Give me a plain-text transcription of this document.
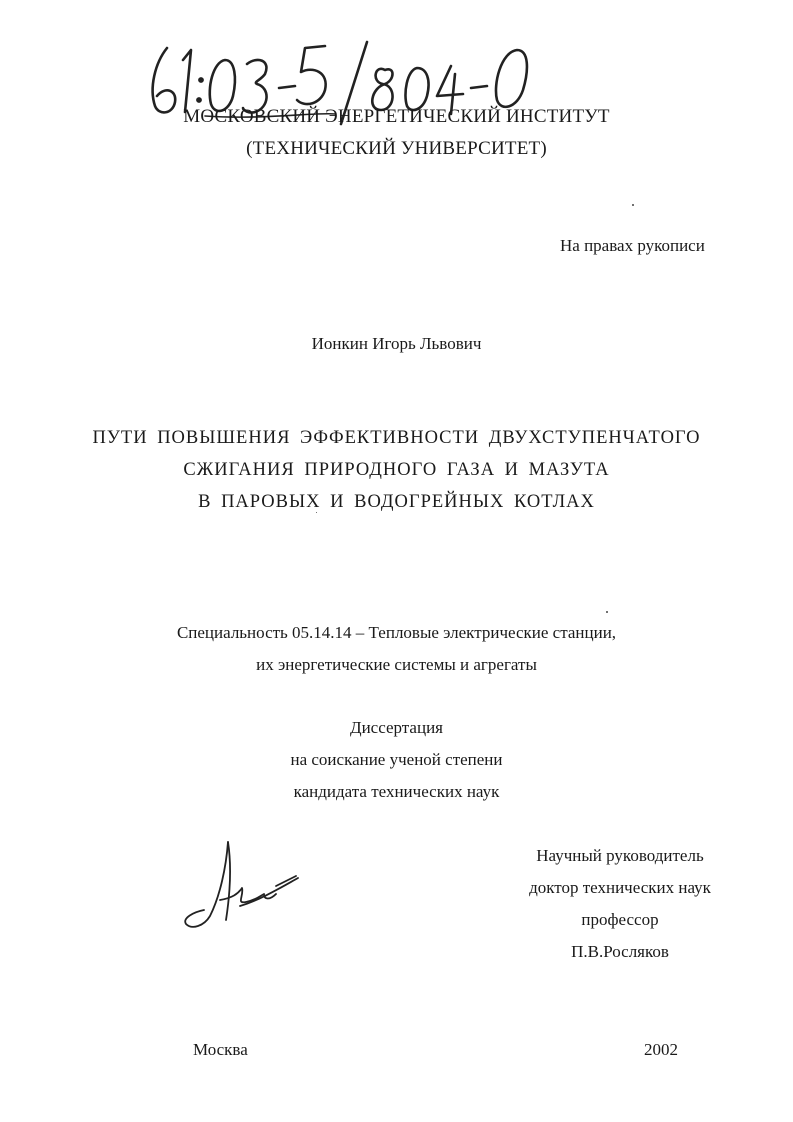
61: 03-5/804-0
МОСКОВСКИЙ ЭНЕРГЕТИЧЕСКИЙ ИНСТИТУТ
(ТЕХНИЧЕСКИЙ УНИВЕРСИТЕТ)
На правах рукописи
Ионкин Игорь Львович
ПУТИ ПОВЫШЕНИЯ ЭФФЕКТИВНОСТИ ДВУХСТУПЕНЧАТОГО
СЖИГАНИЯ ПРИРОДНОГО ГАЗА И МАЗУТА
В ПАРОВЫХ И ВОДОГРЕЙНЫХ КОТЛАХ
Специальность 05.14.14 – Тепловые электрические станции,
их энергетические системы и агрегаты
Диссертация
на соискание ученой степени
кандидата технических наук
Научный руководитель
доктор технических наук
профессор
П.В.Росляков
Москва	2002
